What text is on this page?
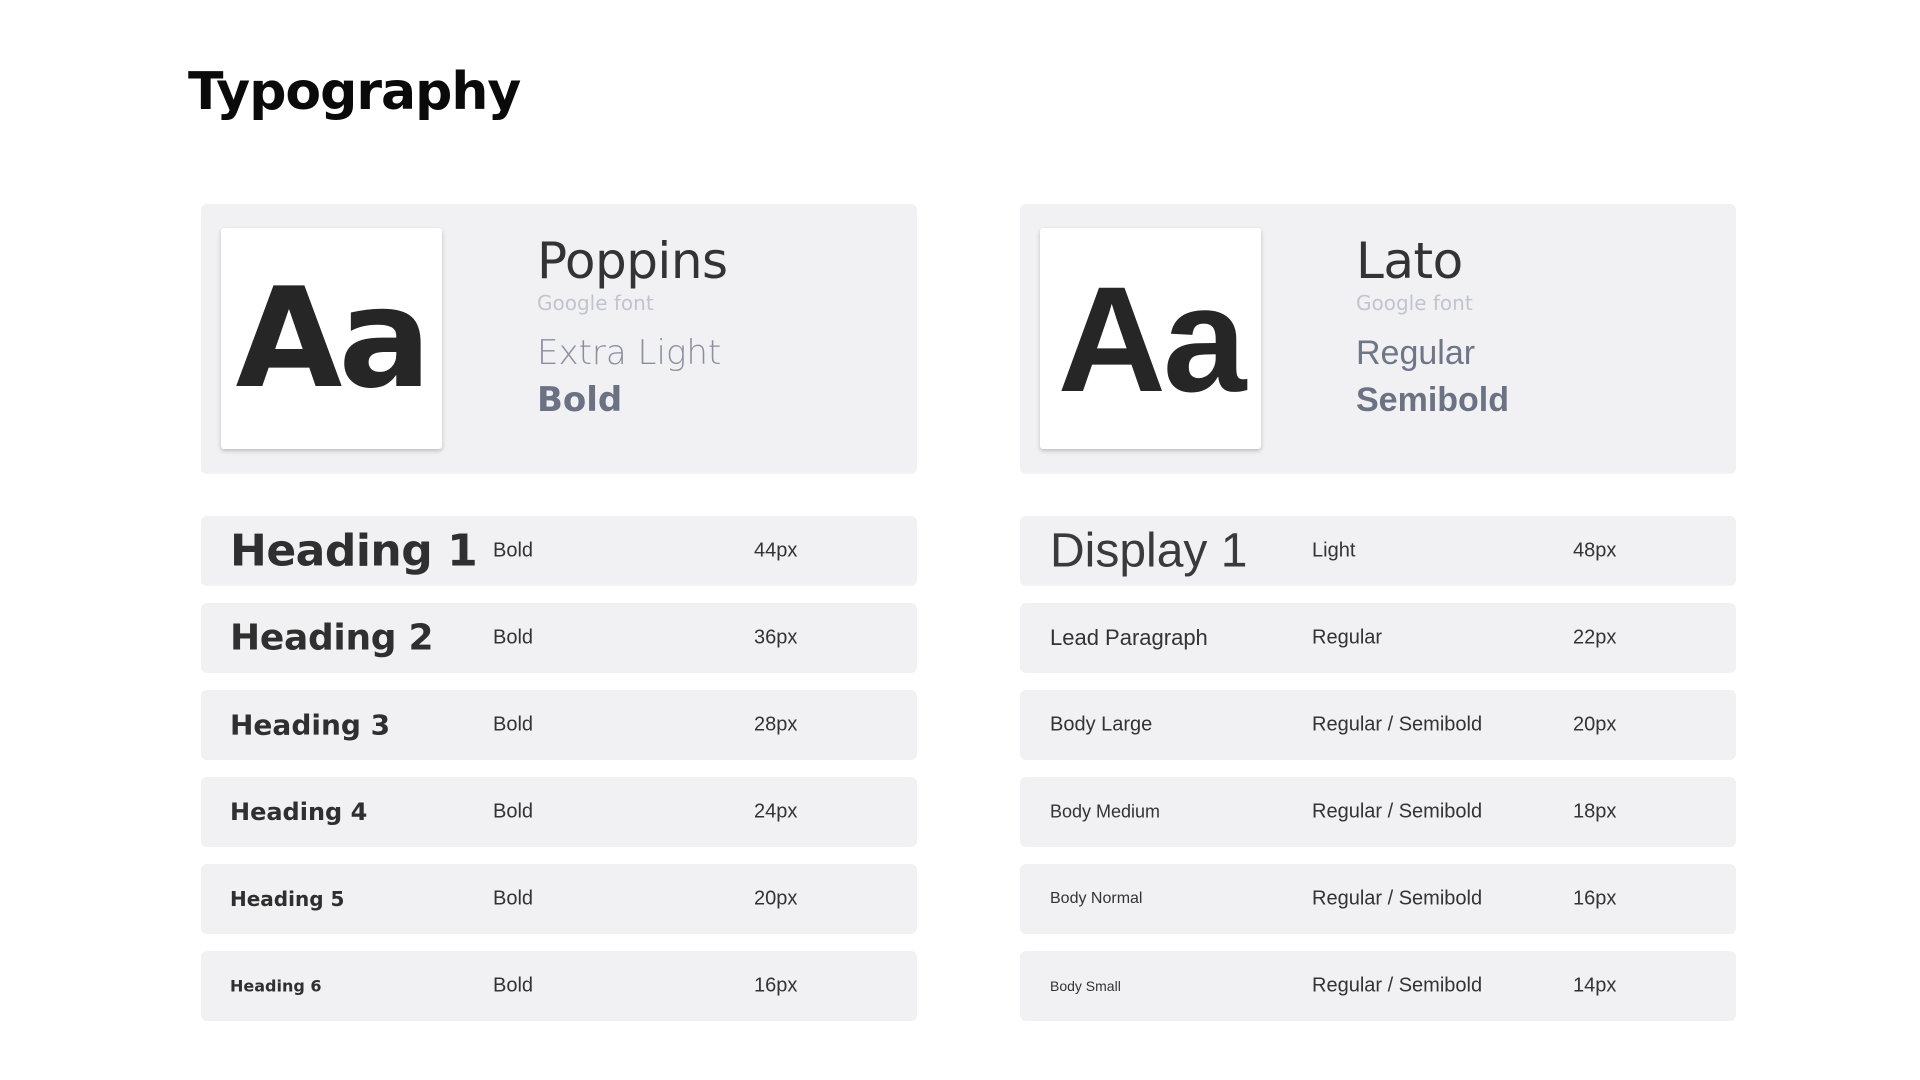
Typography
Aa Poppins
Google font
Extra Light
Bold
Heading 1 Bold	44px
Heading 2	Bold	36px
Heading 3	Bold	28px
Heading 4	Bold	24px
Heading 5	Bold	20px
Heading 6	Bold	16px
Aa Lato
Google font
Regular
Semibold
Display 1	Light	48px
Lead Paragraph	Regular	22px
Body Large	Regular / Semibold	20px
Body Medium	Regular / Semibold	18px
Body Normal	Regular / Semibold	16px
Body Small	Regular / Semibold	14px
